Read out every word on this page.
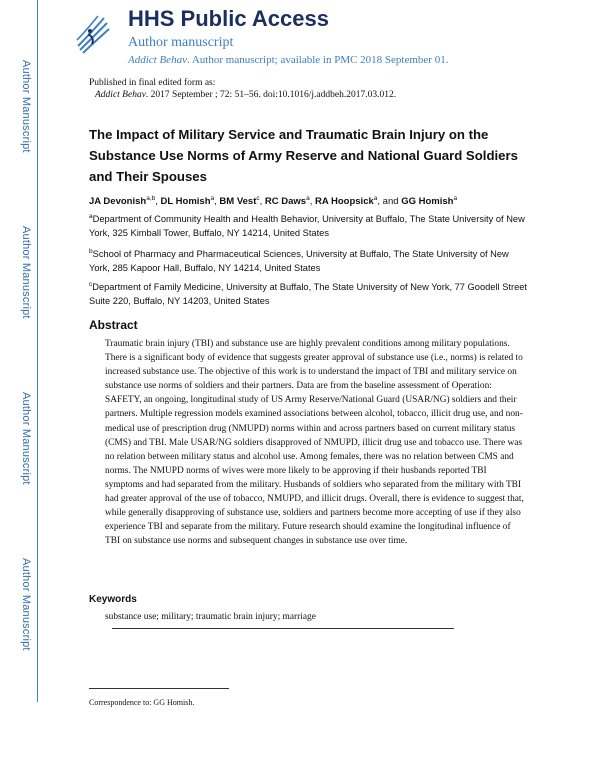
Author Manuscript
Author Manuscript
Author Manuscript
Author Manuscript
HHS Public Access
Author manuscript
Addict Behav. Author manuscript; available in PMC 2018 September 01.
Published in final edited form as:
Addict Behav. 2017 September ; 72: 51–56. doi:10.1016/j.addbeh.2017.03.012.
The Impact of Military Service and Traumatic Brain Injury on the Substance Use Norms of Army Reserve and National Guard Soldiers and Their Spouses
JA Devonish$^{a,b}$, DL Homish$^a$, BM Vest$^c$, RC Daws$^a$, RA Hoopsick$^a$, and GG Homish$^a$
$^a$Department of Community Health and Health Behavior, University at Buffalo, The State University of New York, 325 Kimball Tower, Buffalo, NY 14214, United States
$^b$School of Pharmacy and Pharmaceutical Sciences, University at Buffalo, The State University of New York, 285 Kapoor Hall, Buffalo, NY 14214, United States
$^c$Department of Family Medicine, University at Buffalo, The State University of New York, 77 Goodell Street Suite 220, Buffalo, NY 14203, United States
Abstract
Traumatic brain injury (TBI) and substance use are highly prevalent conditions among military populations. There is a significant body of evidence that suggests greater approval of substance use (i.e., norms) is related to increased substance use. The objective of this work is to understand the impact of TBI and military service on substance use norms of soldiers and their partners. Data are from the baseline assessment of Operation: SAFETY, an ongoing, longitudinal study of US Army Reserve/National Guard (USAR/NG) soldiers and their partners. Multiple regression models examined associations between alcohol, tobacco, illicit drug use, and non-medical use of prescription drug (NMUPD) norms within and across partners based on current military status (CMS) and TBI. Male USAR/NG soldiers disapproved of NMUPD, illicit drug use and tobacco use. There was no relation between military status and alcohol use. Among females, there was no relation between CMS and norms. The NMUPD norms of wives were more likely to be approving if their husbands reported TBI symptoms and had separated from the military. Husbands of soldiers who separated from the military with TBI had greater approval of the use of tobacco, NMUPD, and illicit drugs. Overall, there is evidence to suggest that, while generally disapproving of substance use, soldiers and partners become more accepting of use if they also experience TBI and separate from the military. Future research should examine the longitudinal influence of TBI on substance use norms and subsequent changes in substance use over time.
Keywords
substance use; military; traumatic brain injury; marriage
Correspondence to: GG Homish.
